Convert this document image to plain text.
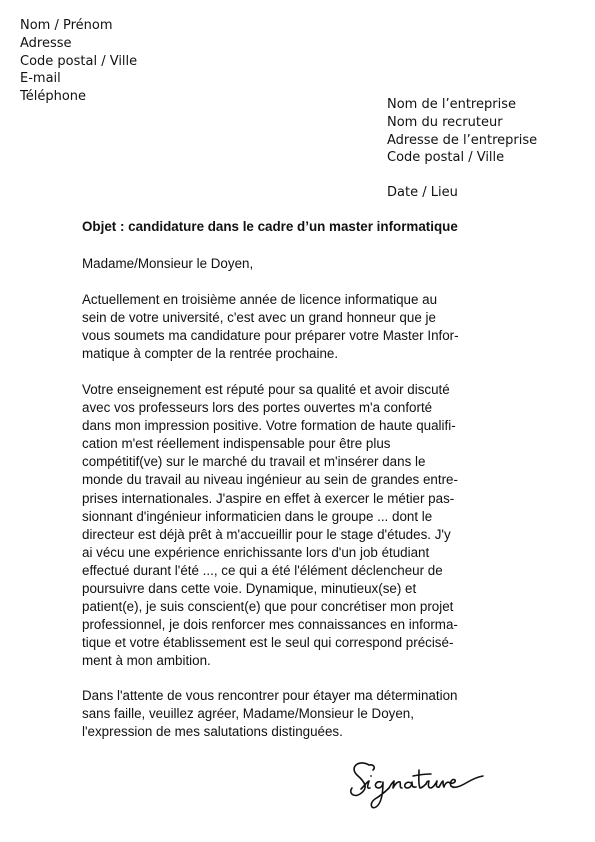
Nom / Prénom
Adresse
Code postal / Ville
E-mail
Téléphone
Nom de l’entreprise
Nom du recruteur
Adresse de l’entreprise
Code postal / Ville
Date / Lieu
Objet : candidature dans le cadre d’un master informatique
Madame/Monsieur le Doyen,
Actuellement en troisième année de licence informatique au
sein de votre université, c'est avec un grand honneur que je
vous soumets ma candidature pour préparer votre Master Infor-
matique à compter de la rentrée prochaine.
Votre enseignement est réputé pour sa qualité et avoir discuté
avec vos professeurs lors des portes ouvertes m'a conforté
dans mon impression positive. Votre formation de haute qualifi-
cation m'est réellement indispensable pour être plus
compétitif(ve) sur le marché du travail et m'insérer dans le
monde du travail au niveau ingénieur au sein de grandes entre-
prises internationales. J'aspire en effet à exercer le métier pas-
sionnant d'ingénieur informaticien dans le groupe ... dont le
directeur est déjà prêt à m'accueillir pour le stage d'études. J'y
ai vécu une expérience enrichissante lors d'un job étudiant
effectué durant l'été ..., ce qui a été l'élément déclencheur de
poursuivre dans cette voie. Dynamique, minutieux(se) et
patient(e), je suis conscient(e) que pour concrétiser mon projet
professionnel, je dois renforcer mes connaissances en informa-
tique et votre établissement est le seul qui correspond précisé-
ment à mon ambition.
Dans l'attente de vous rencontrer pour étayer ma détermination
sans faille, veuillez agréer, Madame/Monsieur le Doyen,
l'expression de mes salutations distinguées.
